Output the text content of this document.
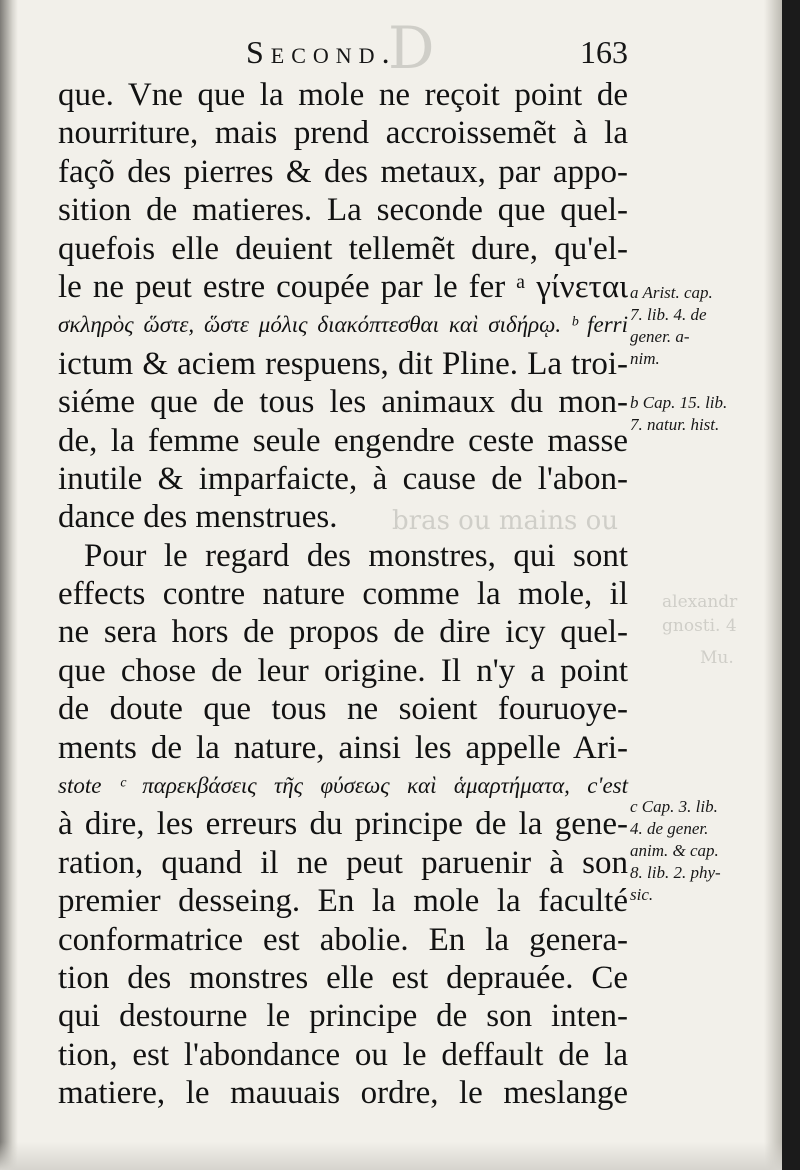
D
bras ou mains ou
alexandr
gnosti. 4
Mu.
Second.	163
que. Vne que la mole ne reçoit point de
nourriture, mais prend accroissemẽt à la
façõ des pierres & des metaux, par appo-
sition de matieres. La seconde que quel-
quefois elle deuient tellemẽt dure, qu'el-
le ne peut estre coupée par le fer ᵃ γίνεται
σκληρὸς ὥστε, ὥστε μόλις διακόπτεσθαι καὶ σιδήρῳ. ᵇ ferri
ictum & aciem respuens, dit Pline. La troi-
siéme que de tous les animaux du mon-
de, la femme seule engendre ceste masse
inutile & imparfaicte, à cause de l'abon-
dance des menstrues.
Pour le regard des monstres, qui sont
effects contre nature comme la mole, il
ne sera hors de propos de dire icy quel-
que chose de leur origine. Il n'y a point
de doute que tous ne soient fouruoye-
ments de la nature, ainsi les appelle Ari-
stote ᶜ παρεκβάσεις τῆς φύσεως καὶ ἁμαρτήματα, c'est
à dire, les erreurs du principe de la gene-
ration, quand il ne peut paruenir à son
premier desseing. En la mole la faculté
conformatrice est abolie. En la genera-
tion des monstres elle est deprauée. Ce
qui destourne le principe de son inten-
tion, est l'abondance ou le deffault de la
matiere, le mauuais ordre, le meslange
a Arist. cap.
7. lib. 4. de
gener. a-
nim.
b Cap. 15. lib.
7. natur. hist.
c Cap. 3. lib.
4. de gener.
anim. & cap.
8. lib. 2. phy-
sic.
